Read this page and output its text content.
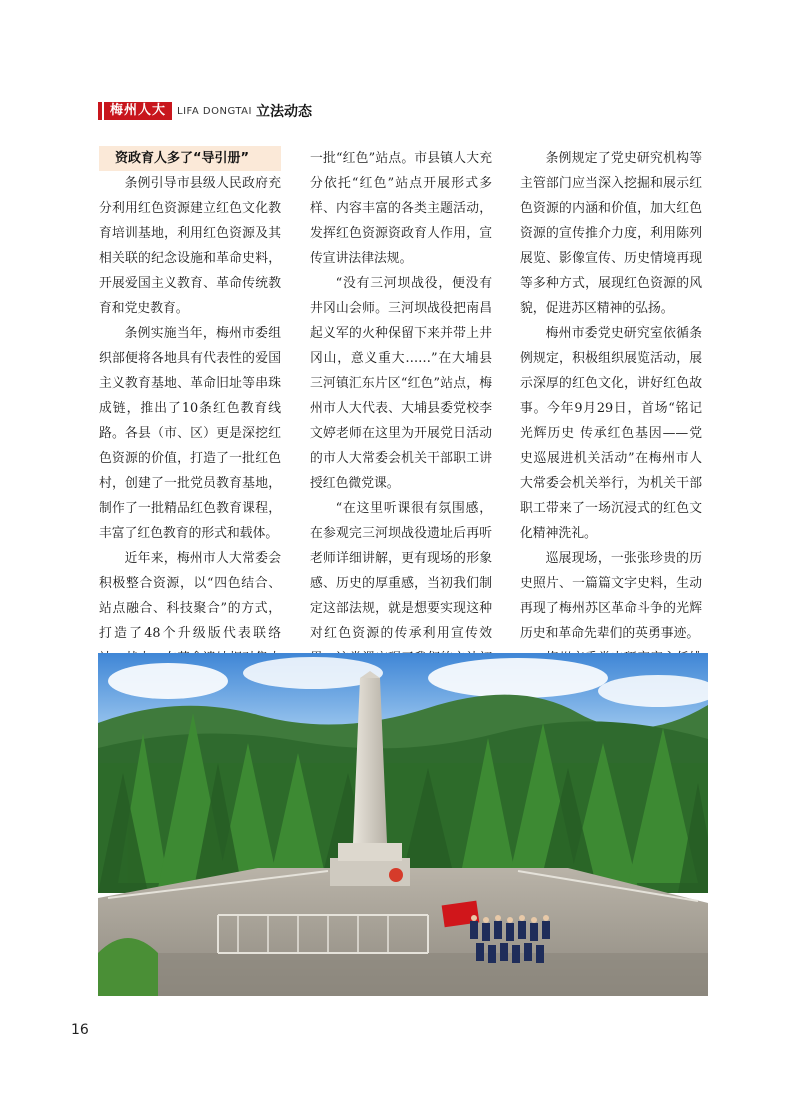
梅州人大	LIFA DONGTAI 立法动态
资政育人多了“导引册”

条例引导市县级人民政府充分利用红色资源建立红色文化教育培训基地，利用红色资源及其相关联的纪念设施和革命史料，开展爱国主义教育、革命传统教育和党史教育。

条例实施当年，梅州市委组织部便将各地具有代表性的爱国主义教育基地、革命旧址等串珠成链，推出了10条红色教育线路。各县（市、区）更是深挖红色资源的价值，打造了一批红色村，创建了一批党员教育基地，制作了一批精品红色教育课程，丰富了红色教育的形式和载体。

近年来，梅州市人大常委会积极整合资源，以“四色结合、站点融合、科技聚合”的方式，打造了48个升级版代表联络

一批“红色”站点。市县镇人大充分依托“红色”站点开展形式多样、内容丰富的各类主题活动，发挥红色资源资政育人作用，宣传宣讲法律法规。

“没有三河坝战役，便没有井冈山会师。三河坝战役把南昌起义军的火种保留下来并带上井冈山，意义重大……”在大埔县三河镇汇东片区“红色”站点，梅州市人大代表、大埔县委党校李文婷老师在这里为开展党日活动的市人大常委会机关干部职工讲授红色微党课。

“在这里听课很有氛围感，在参观完三河坝战役遗址后再听老师详细讲解，更有现场的形象感、历史的厚重感，当初我们制定这部法规，就是想要实现这种对红色资源的传承利用宣传效

条例规定了党史研究机构等主管部门应当深入挖掘和展示红色资源的内涵和价值，加大红色资源的宣传推介力度，利用陈列展览、影像宣传、历史情境再现等多种方式，展现红色资源的风貌，促进苏区精神的弘扬。

梅州市委党史研究室依循条例规定，积极组织展览活动，展示深厚的红色文化，讲好红色故事。今年9月29日，首场“铭记光辉历史 传承红色基因——党史巡展进机关活动”在梅州市人大常委会机关举行，为机关干部职工带来了一场沉浸式的红色文化精神洗礼。

巡展现场，一张张珍贵的历史照片、一篇篇文字史料，生动再现了梅州苏区革命斗争的光辉历史和革命先辈们的英勇事迹。

16
